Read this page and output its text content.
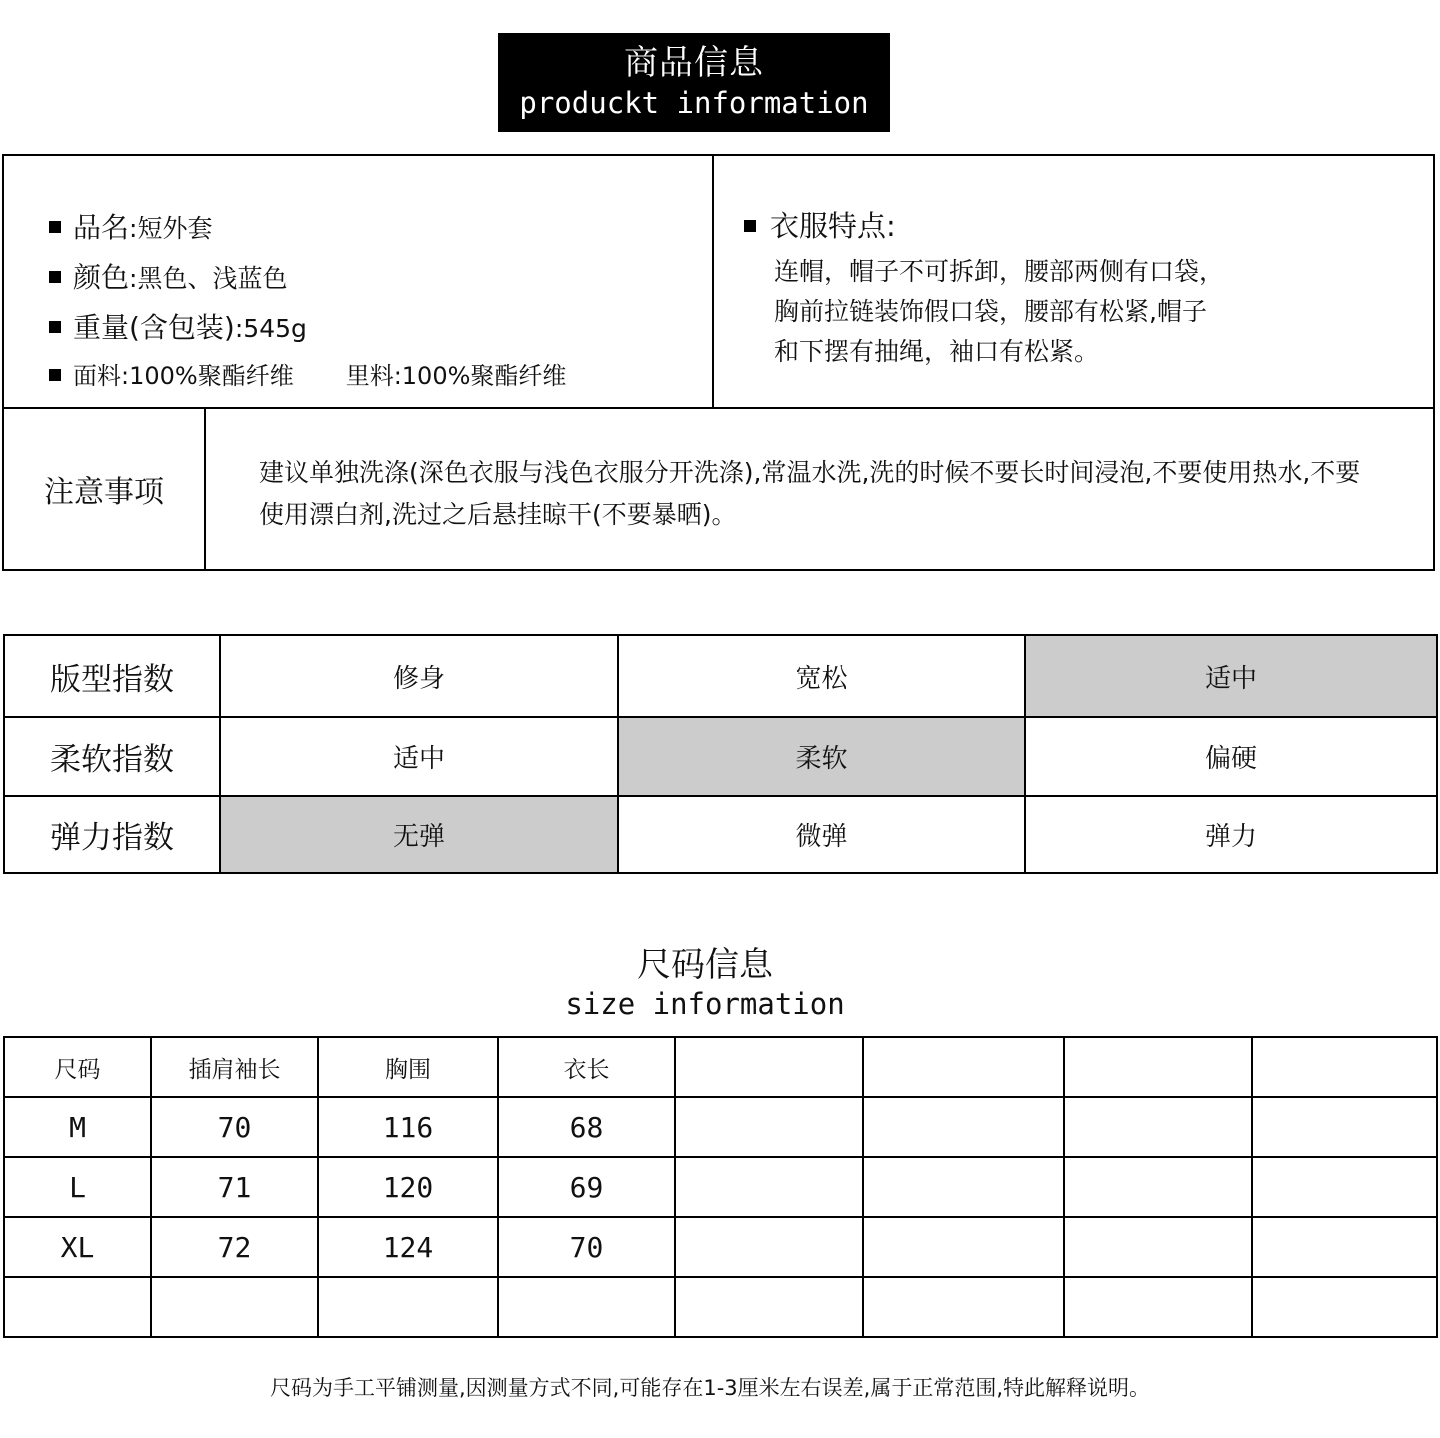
商品信息
produckt information
品名:短外套
颜色:黑色、浅蓝色
重量(含包装):545g
面料:100%聚酯纤维 里料:100%聚酯纤维
衣服特点:
连帽，帽子不可拆卸，腰部两侧有口袋，
胸前拉链装饰假口袋，腰部有松紧,帽子
和下摆有抽绳，袖口有松紧。
注意事项
建议单独洗涤(深色衣服与浅色衣服分开洗涤),常温水洗,洗的时候不要长时间浸泡,不要使用热水,不要使用漂白剂,洗过之后悬挂晾干(不要暴晒)。
版型指数	修身	宽松	适中
柔软指数	适中	柔软	偏硬
弹力指数	无弹	微弹	弹力
尺码信息
size information
尺码	插肩袖长	胸围	衣长				
M	70	116	68				
L	71	120	69				
XL	72	124	70				

尺码为手工平铺测量,因测量方式不同,可能存在1-3厘米左右误差,属于正常范围,特此解释说明。
